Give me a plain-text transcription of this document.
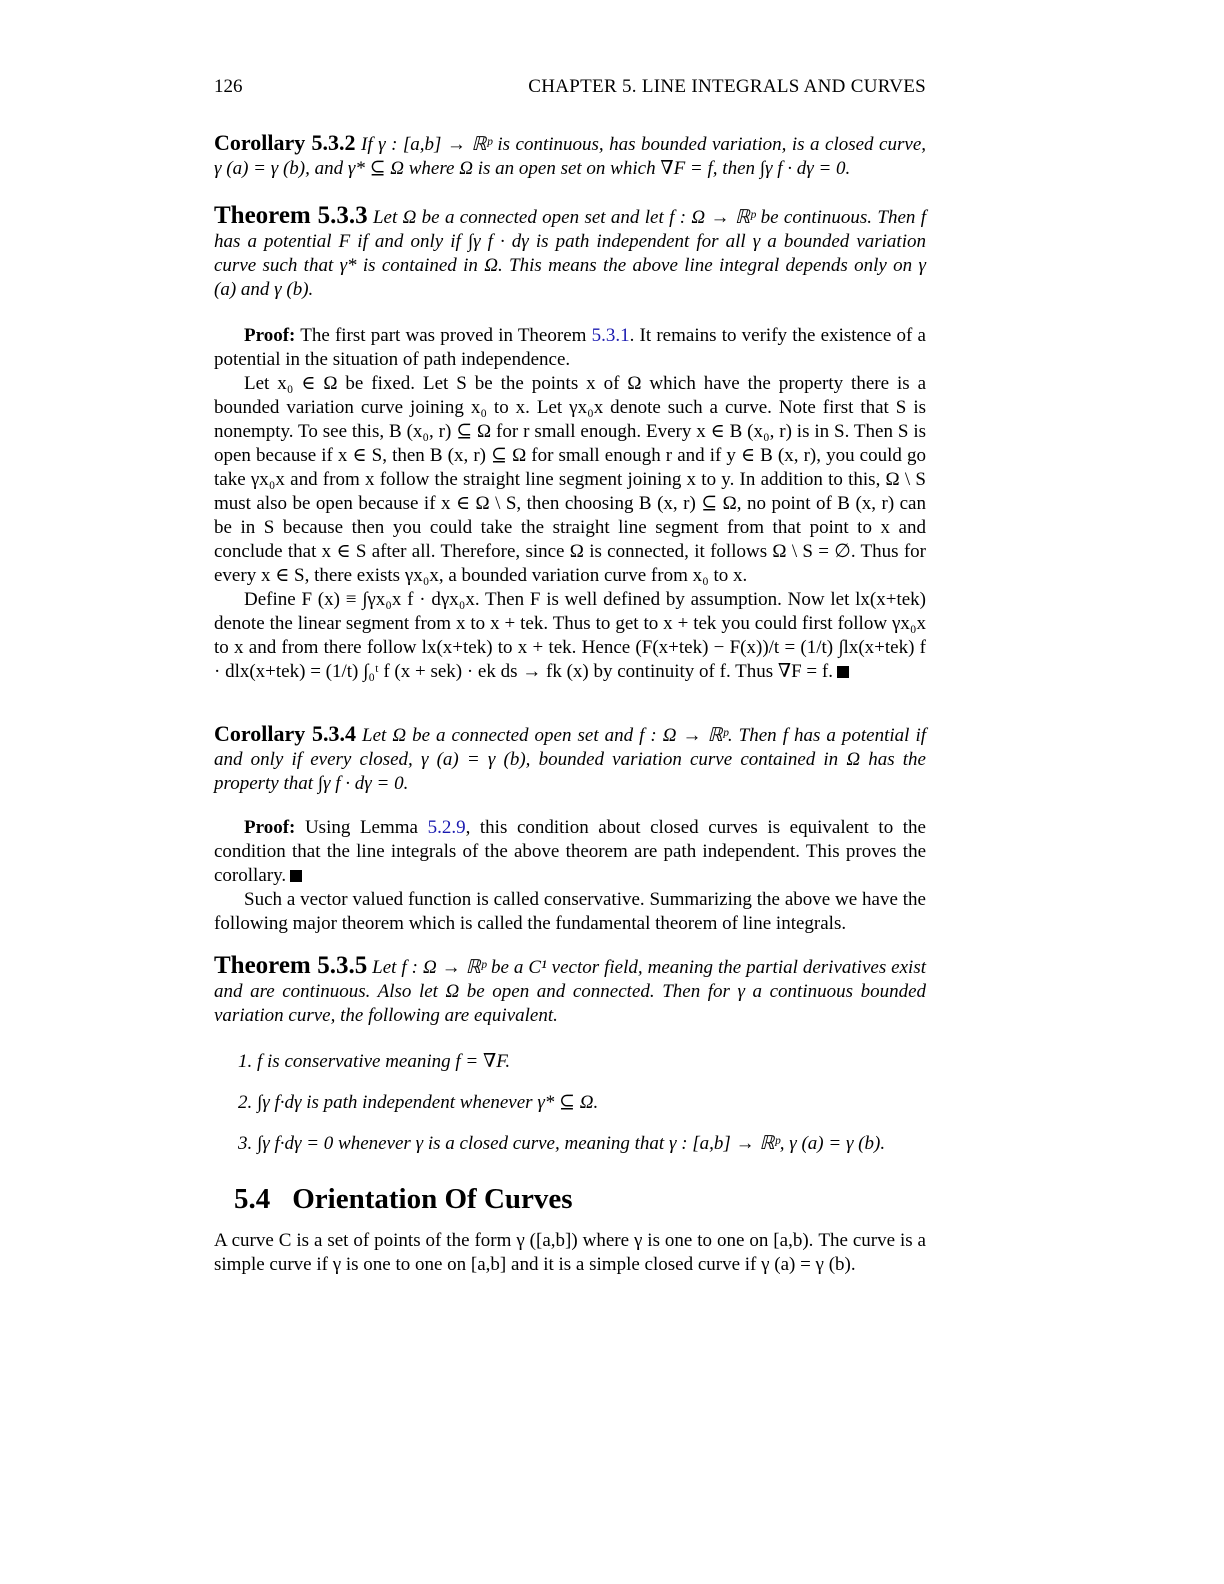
126	CHAPTER 5. LINE INTEGRALS AND CURVES

Corollary 5.3.2 If γ : [a,b] → ℝᵖ is continuous, has bounded variation, is a closed curve, γ (a) = γ (b), and γ* ⊆ Ω where Ω is an open set on which ∇F = f, then ∫γ f · dγ = 0.

Theorem 5.3.3 Let Ω be a connected open set and let f : Ω → ℝᵖ be continuous. Then f has a potential F if and only if ∫γ f · dγ is path independent for all γ a bounded variation curve such that γ* is contained in Ω. This means the above line integral depends only on γ (a) and γ (b).

Proof: The first part was proved in Theorem 5.3.1. It remains to verify the existence of a potential in the situation of path independence.

Let x₀ ∈ Ω be fixed. Let S be the points x of Ω which have the property there is a bounded variation curve joining x₀ to x. Let γx₀x denote such a curve. Note first that S is nonempty. To see this, B (x₀, r) ⊆ Ω for r small enough. Every x ∈ B (x₀, r) is in S. Then S is open because if x ∈ S, then B (x, r) ⊆ Ω for small enough r and if y ∈ B (x, r), you could go take γx₀x and from x follow the straight line segment joining x to y. In addition to this, Ω \ S must also be open because if x ∈ Ω \ S, then choosing B (x, r) ⊆ Ω, no point of B (x, r) can be in S because then you could take the straight line segment from that point to x and conclude that x ∈ S after all. Therefore, since Ω is connected, it follows Ω \ S = ∅. Thus for every x ∈ S, there exists γx₀x, a bounded variation curve from x₀ to x.

Define F (x) ≡ ∫γx₀x f · dγx₀x. Then F is well defined by assumption. Now let lx(x+tek) denote the linear segment from x to x + tek. Thus to get to x + tek you could first follow γx₀x to x and from there follow lx(x+tek) to x + tek. Hence (F(x+tek) − F(x))/t = (1/t) ∫lx(x+tek) f · dlx(x+tek) = (1/t) ∫₀ᵗ f (x + sek) · ek ds → fk (x) by continuity of f. Thus ∇F = f.

Corollary 5.3.4 Let Ω be a connected open set and f : Ω → ℝᵖ. Then f has a potential if and only if every closed, γ (a) = γ (b), bounded variation curve contained in Ω has the property that ∫γ f · dγ = 0.

Proof: Using Lemma 5.2.9, this condition about closed curves is equivalent to the condition that the line integrals of the above theorem are path independent. This proves the corollary.

Such a vector valued function is called conservative. Summarizing the above we have the following major theorem which is called the fundamental theorem of line integrals.

Theorem 5.3.5 Let f : Ω → ℝᵖ be a C¹ vector field, meaning the partial derivatives exist and are continuous. Also let Ω be open and connected. Then for γ a continuous bounded variation curve, the following are equivalent.

1. f is conservative meaning f = ∇F.
2. ∫γ f·dγ is path independent whenever γ* ⊆ Ω.
3. ∫γ f·dγ = 0 whenever γ is a closed curve, meaning that γ : [a,b] → ℝᵖ, γ (a) = γ (b).
5.4 Orientation Of Curves

A curve C is a set of points of the form γ ([a,b]) where γ is one to one on [a,b). The curve is a simple curve if γ is one to one on [a,b] and it is a simple closed curve if γ (a) = γ (b).
